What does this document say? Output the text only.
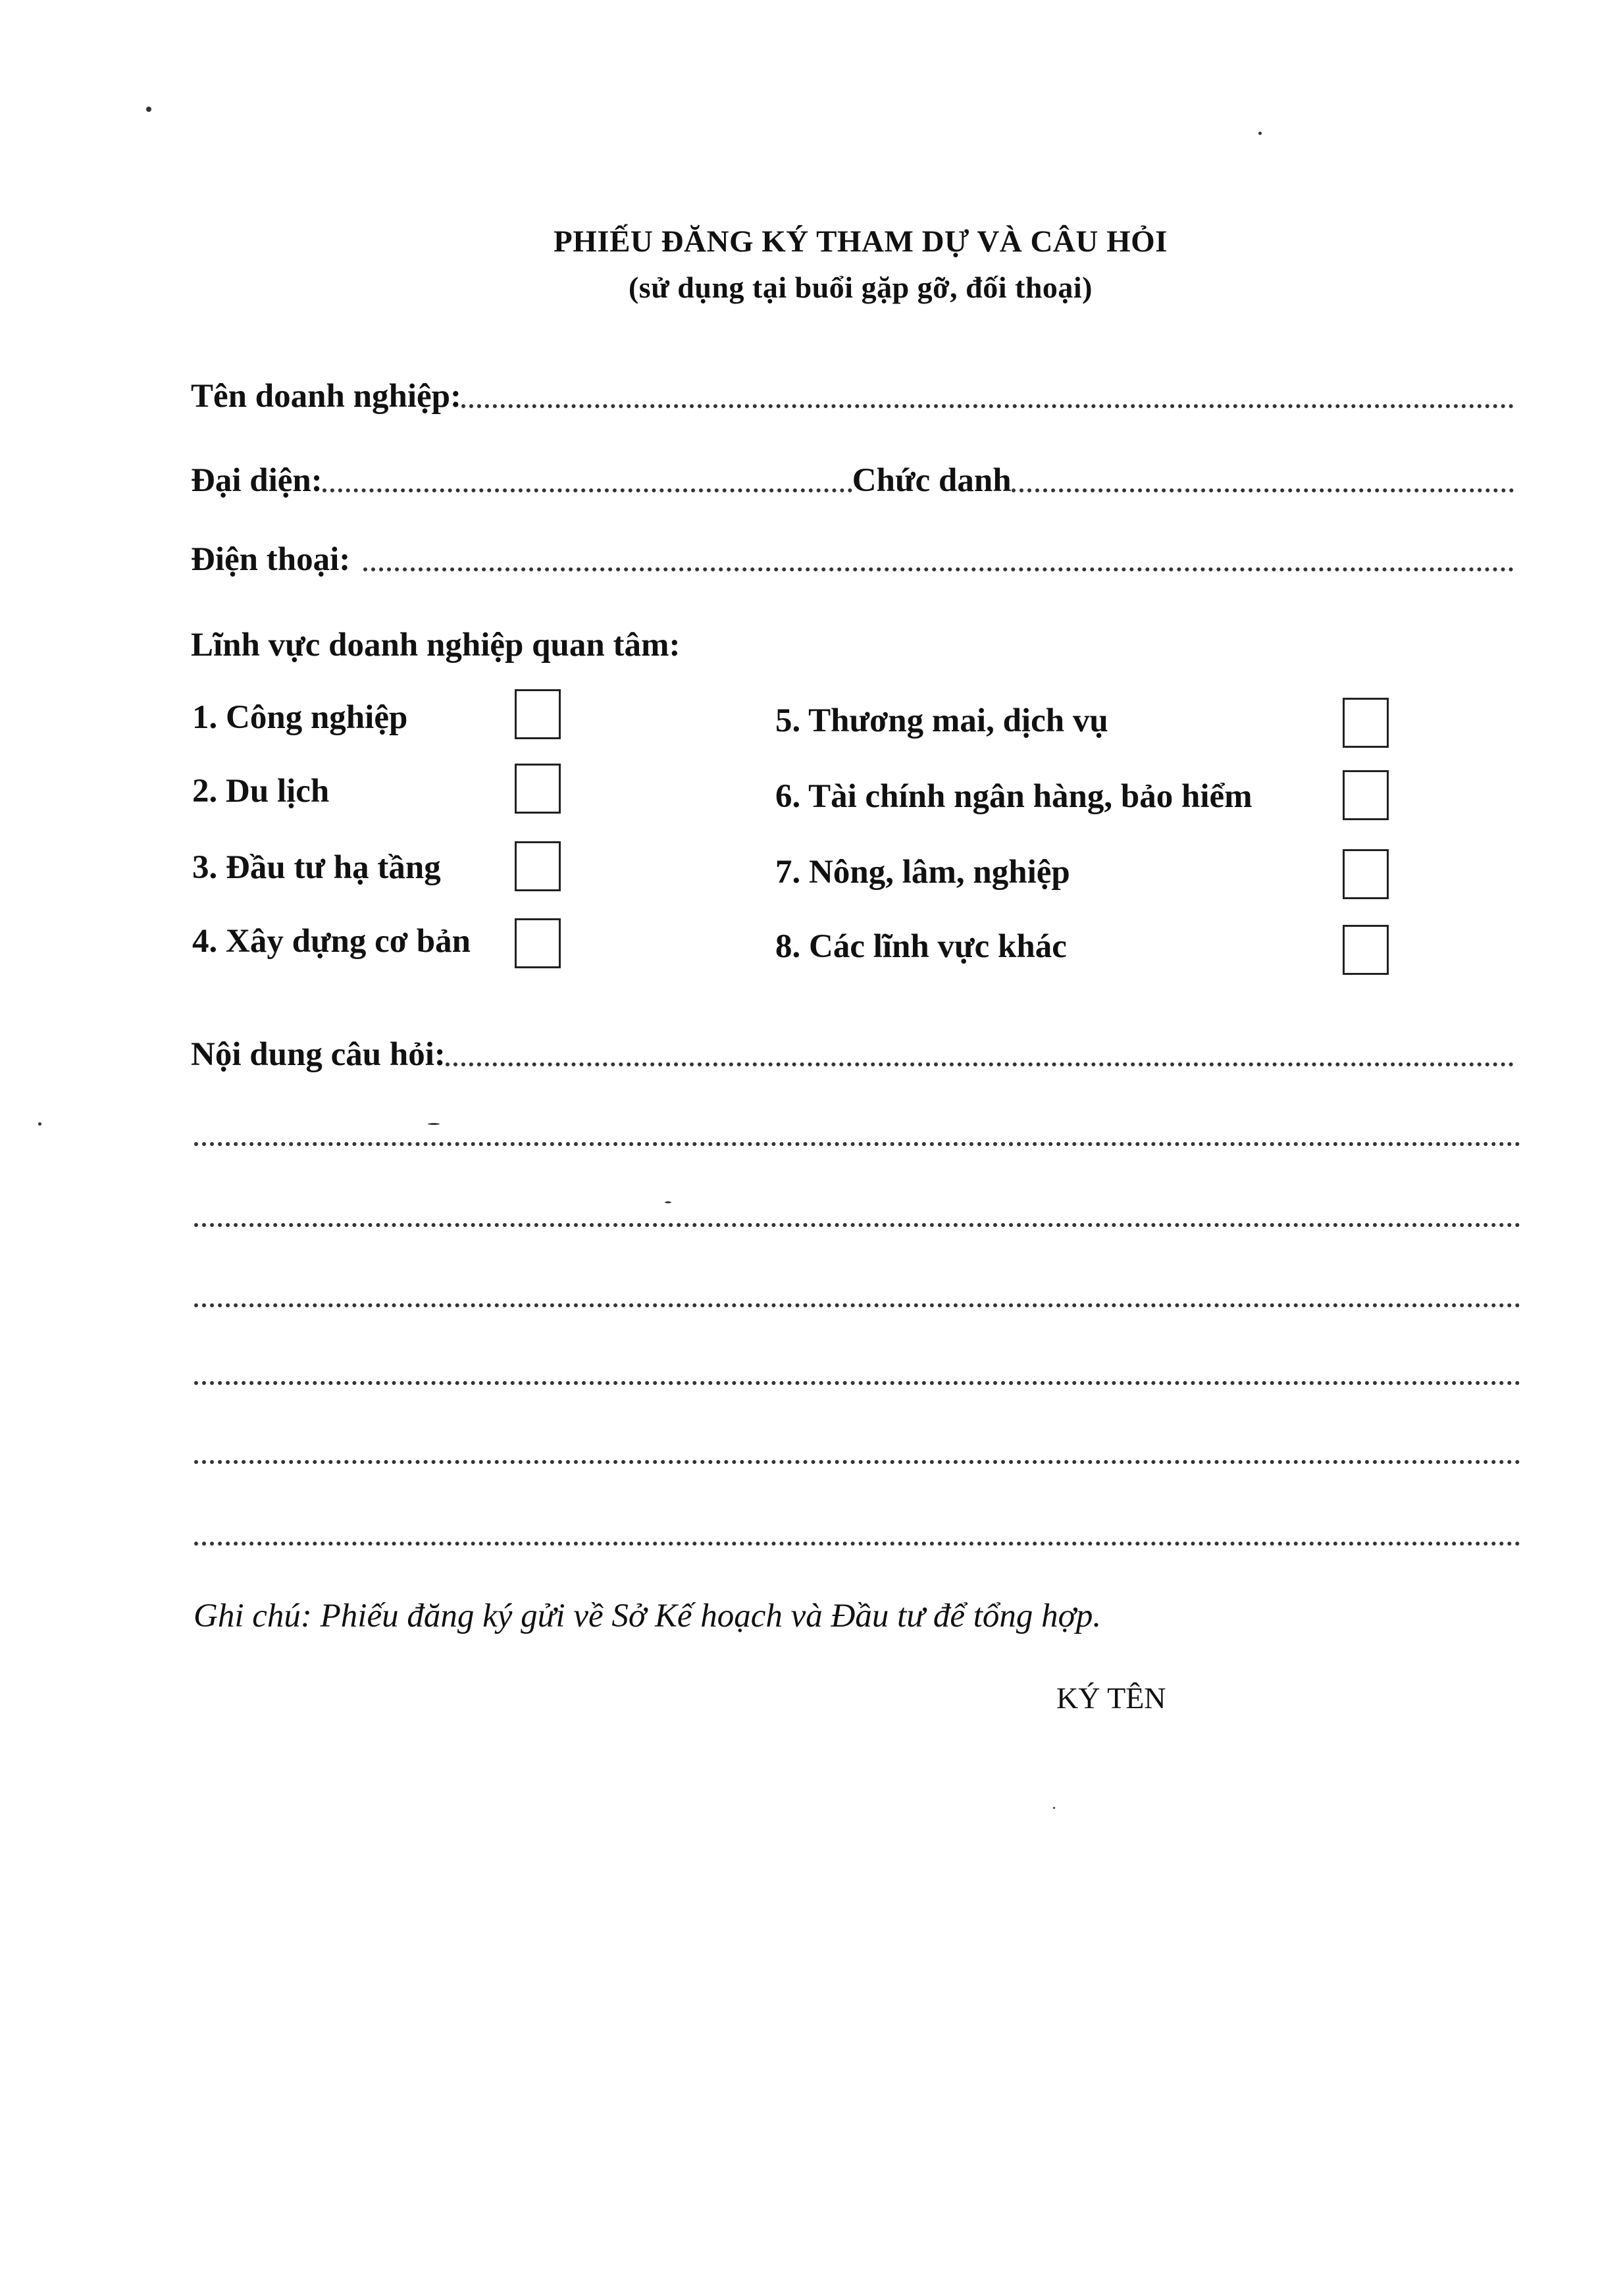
PHIẾU ĐĂNG KÝ THAM DỰ VÀ CÂU HỎI
(sử dụng tại buổi gặp gỡ, đối thoại)
Tên doanh nghiệp:
Đại diện:	Chức danh
Điện thoại:
Lĩnh vực doanh nghiệp quan tâm:
1. Công nghiệp
2. Du lịch
3. Đầu tư hạ tầng
4. Xây dựng cơ bản
5. Thương mai, dịch vụ
6. Tài chính ngân hàng, bảo hiểm
7. Nông, lâm, nghiệp
8. Các lĩnh vực khác
Nội dung câu hỏi:
Ghi chú: Phiếu đăng ký gửi về Sở Kế hoạch và Đầu tư để tổng hợp.
KÝ TÊN
